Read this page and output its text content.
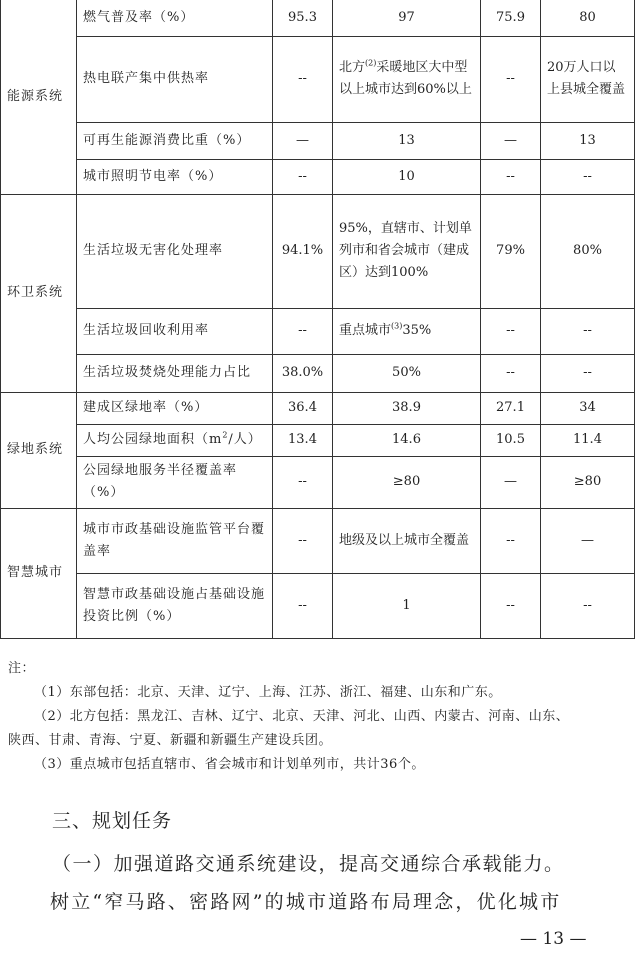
能源系统	燃气普及率（%）	95.3	97	75.9	80
	热电联产集中供热率	--	北方$^{(2)}$采暖地区大中型以上城市达到60%以上	--	20万人口以上县城全覆盖
	可再生能源消费比重（%）	—	13	—	13
	城市照明节电率（%）	--	10	--	--
环卫系统	生活垃圾无害化处理率	94.1%	95%，直辖市、计划单列市和省会城市（建成区）达到100%	79%	80%
	生活垃圾回收利用率	--	重点城市$^{(3)}$35%	--	--
	生活垃圾焚烧处理能力占比	38.0%	50%	--	--
绿地系统	建成区绿地率（%）	36.4	38.9	27.1	34
	人均公园绿地面积（$m^2/$人）	13.4	14.6	10.5	11.4
	公园绿地服务半径覆盖率（%）	--	≥80	—	≥80
智慧城市	城市市政基础设施监管平台覆盖率	--	地级及以上城市全覆盖	--	—
	智慧市政基础设施占基础设施投资比例（%）	--	1	--	--
注：
（1）东部包括：北京、天津、辽宁、上海、江苏、浙江、福建、山东和广东。
（2）北方包括：黑龙江、吉林、辽宁、北京、天津、河北、山西、内蒙古、河南、山东、
陕西、甘肃、青海、宁夏、新疆和新疆生产建设兵团。
（3）重点城市包括直辖市、省会城市和计划单列市，共计36个。
三、规划任务
（一）加强道路交通系统建设，提高交通综合承载能力。
树立“窄马路、密路网”的城市道路布局理念，优化城市
— 13 —
